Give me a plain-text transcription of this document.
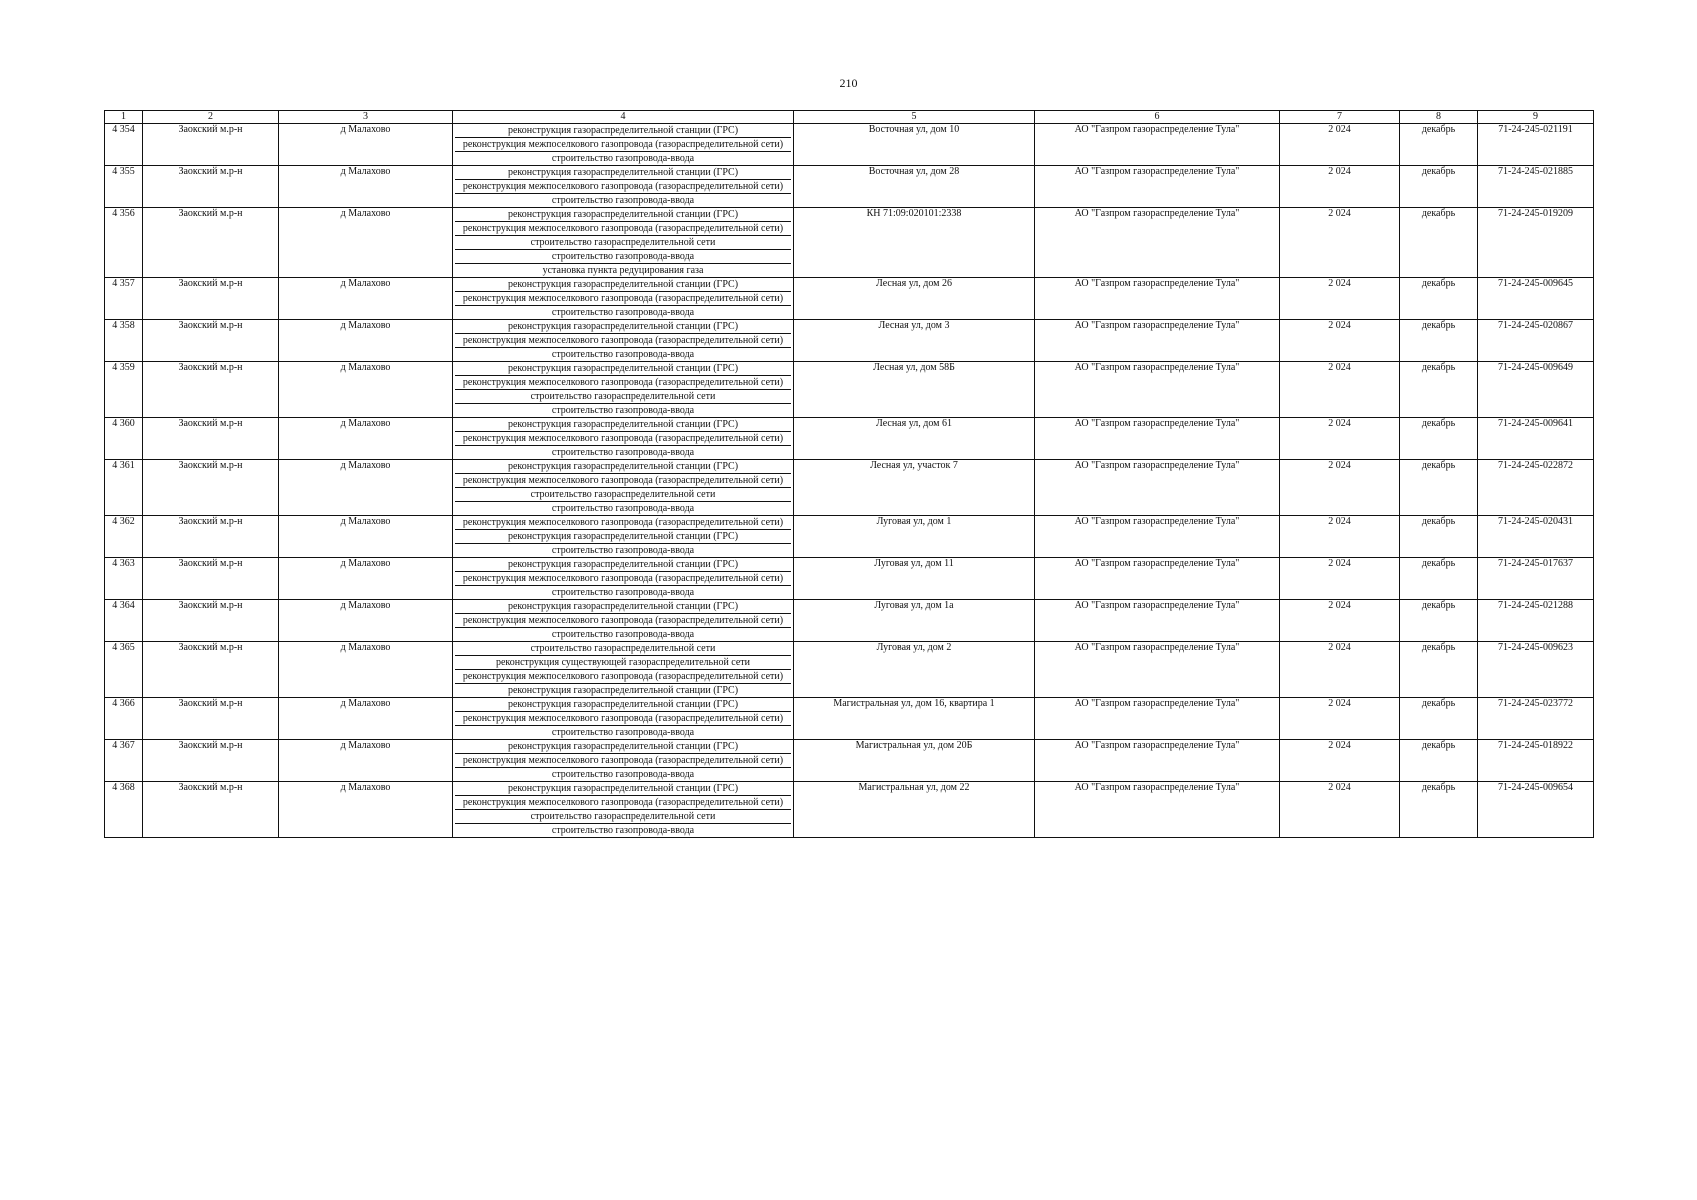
210
1	2	3	4	5	6	7	8	9
4 354	Заокский м.р-н	д Малахово	реконструкция газораспределительной станции (ГРС)
реконструкция межпоселкового газопровода (газораспределительной сети)
строительство газопровода-ввода	Восточная ул, дом 10	АО "Газпром газораспределение Тула"	2 024	декабрь	71-24-245-021191
4 355	Заокский м.р-н	д Малахово	реконструкция газораспределительной станции (ГРС)
реконструкция межпоселкового газопровода (газораспределительной сети)
строительство газопровода-ввода	Восточная ул, дом 28	АО "Газпром газораспределение Тула"	2 024	декабрь	71-24-245-021885
4 356	Заокский м.р-н	д Малахово	реконструкция газораспределительной станции (ГРС)
реконструкция межпоселкового газопровода (газораспределительной сети)
строительство газораспределительной сети
строительство газопровода-ввода
установка пункта редуцирования газа	КН 71:09:020101:2338	АО "Газпром газораспределение Тула"	2 024	декабрь	71-24-245-019209
4 357	Заокский м.р-н	д Малахово	реконструкция газораспределительной станции (ГРС)
реконструкция межпоселкового газопровода (газораспределительной сети)
строительство газопровода-ввода	Лесная ул, дом 26	АО "Газпром газораспределение Тула"	2 024	декабрь	71-24-245-009645
4 358	Заокский м.р-н	д Малахово	реконструкция газораспределительной станции (ГРС)
реконструкция межпоселкового газопровода (газораспределительной сети)
строительство газопровода-ввода	Лесная ул, дом 3	АО "Газпром газораспределение Тула"	2 024	декабрь	71-24-245-020867
4 359	Заокский м.р-н	д Малахово	реконструкция газораспределительной станции (ГРС)
реконструкция межпоселкового газопровода (газораспределительной сети)
строительство газораспределительной сети
строительство газопровода-ввода	Лесная ул, дом 58Б	АО "Газпром газораспределение Тула"	2 024	декабрь	71-24-245-009649
4 360	Заокский м.р-н	д Малахово	реконструкция газораспределительной станции (ГРС)
реконструкция межпоселкового газопровода (газораспределительной сети)
строительство газопровода-ввода	Лесная ул, дом 61	АО "Газпром газораспределение Тула"	2 024	декабрь	71-24-245-009641
4 361	Заокский м.р-н	д Малахово	реконструкция газораспределительной станции (ГРС)
реконструкция межпоселкового газопровода (газораспределительной сети)
строительство газораспределительной сети
строительство газопровода-ввода	Лесная ул, участок 7	АО "Газпром газораспределение Тула"	2 024	декабрь	71-24-245-022872
4 362	Заокский м.р-н	д Малахово	реконструкция межпоселкового газопровода (газораспределительной сети)
реконструкция газораспределительной станции (ГРС)
строительство газопровода-ввода	Луговая ул, дом 1	АО "Газпром газораспределение Тула"	2 024	декабрь	71-24-245-020431
4 363	Заокский м.р-н	д Малахово	реконструкция газораспределительной станции (ГРС)
реконструкция межпоселкового газопровода (газораспределительной сети)
строительство газопровода-ввода	Луговая ул, дом 11	АО "Газпром газораспределение Тула"	2 024	декабрь	71-24-245-017637
4 364	Заокский м.р-н	д Малахово	реконструкция газораспределительной станции (ГРС)
реконструкция межпоселкового газопровода (газораспределительной сети)
строительство газопровода-ввода	Луговая ул, дом 1а	АО "Газпром газораспределение Тула"	2 024	декабрь	71-24-245-021288
4 365	Заокский м.р-н	д Малахово	строительство газораспределительной сети
реконструкция существующей газораспределительной сети
реконструкция межпоселкового газопровода (газораспределительной сети)
реконструкция газораспределительной станции (ГРС)	Луговая ул, дом 2	АО "Газпром газораспределение Тула"	2 024	декабрь	71-24-245-009623
4 366	Заокский м.р-н	д Малахово	реконструкция газораспределительной станции (ГРС)
реконструкция межпоселкового газопровода (газораспределительной сети)
строительство газопровода-ввода	Магистральная ул, дом 16, квартира 1	АО "Газпром газораспределение Тула"	2 024	декабрь	71-24-245-023772
4 367	Заокский м.р-н	д Малахово	реконструкция газораспределительной станции (ГРС)
реконструкция межпоселкового газопровода (газораспределительной сети)
строительство газопровода-ввода	Магистральная ул, дом 20Б	АО "Газпром газораспределение Тула"	2 024	декабрь	71-24-245-018922
4 368	Заокский м.р-н	д Малахово	реконструкция газораспределительной станции (ГРС)
реконструкция межпоселкового газопровода (газораспределительной сети)
строительство газораспределительной сети
строительство газопровода-ввода	Магистральная ул, дом 22	АО "Газпром газораспределение Тула"	2 024	декабрь	71-24-245-009654
